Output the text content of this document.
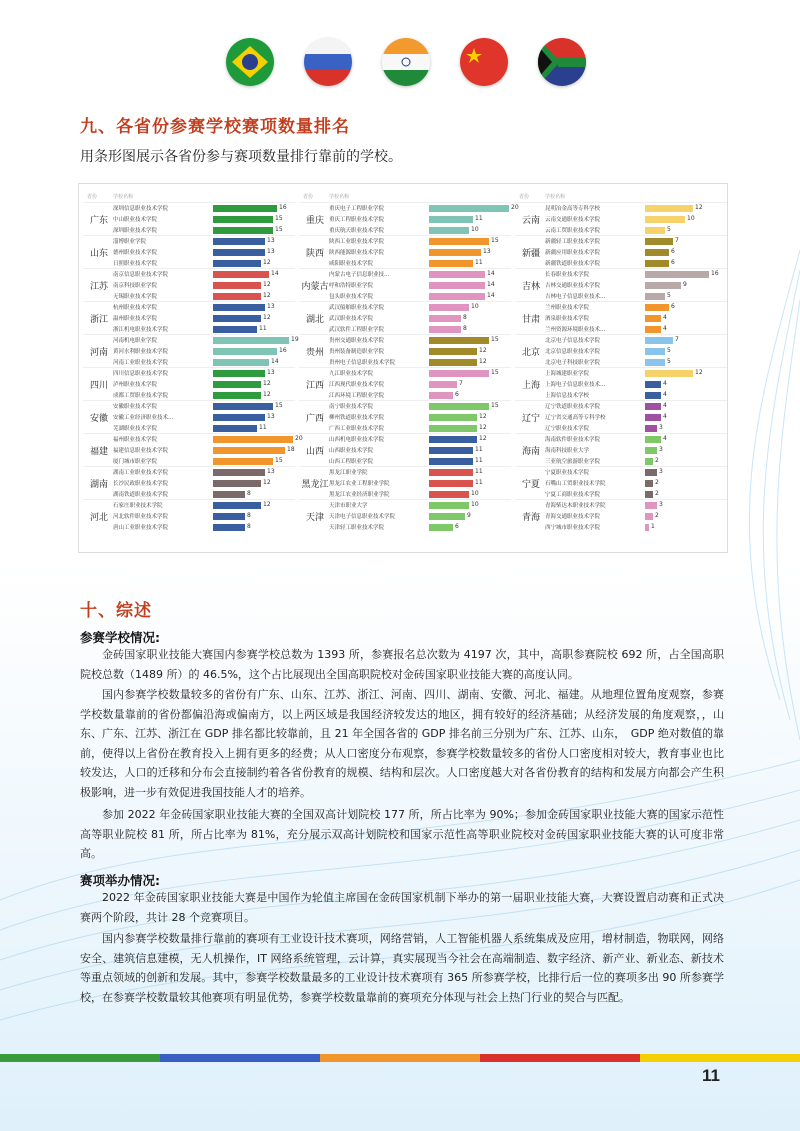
九、各省份参赛学校赛项数量排名
用条形图展示各省份参与赛项数量排行靠前的学校。
省份	学校名称
广东
深圳信息职业技术学院	16
中山职业技术学院	15
深圳职业技术学院	15
山东
淄博职业学院	13
德州职业技术学院	13
日照职业技术学院	12
江苏
南京信息职业技术学院	14
南京科技职业学院	12
无锡职业技术学院	12
浙江
杭州职业技术学院	13
温州职业技术学院	12
浙江机电职业技术学院	11
河南
河南机电职业学院	19
黄河水利职业技术学院	16
河南工业职业技术学院	14
四川
四川信息职业技术学院	13
泸州职业技术学院	12
成都工贸职业技术学院	12
安徽
安徽职业技术学院	15
安徽工业经济职业技术...	13
芜湖职业技术学院	11
福建
福州职业技术学院	20
福建信息职业技术学院	18
厦门城市职业学院	15
湖南
湖南工业职业技术学院	13
长沙民政职业技术学院	12
湖南铁道职业技术学院	8
河北
石家庄职业技术学院	12
河北软件职业技术学院	8
唐山工业职业技术学院	8
省份	学校名称
重庆
重庆电子工程职业学院	20
重庆工程职业技术学院	11
重庆航天职业技术学院	10
陕西
陕西工业职业技术学院	15
陕西能源职业技术学院	13
咸阳职业技术学院	11
内蒙古
内蒙古电子信息职业技...	14
呼和浩特职业学院	14
包头职业技术学院	14
湖北
武汉船舶职业技术学院	10
武汉职业技术学院	8
武汉软件工程职业学院	8
贵州
贵州交通职业技术学院	15
贵州装备制造职业学院	12
贵州电子信息职业技术学院	12
江西
九江职业技术学院	15
江西现代职业技术学院	7
江西环境工程职业学院	6
广西
南宁职业技术学院	15
柳州铁道职业技术学院	12
广西工业职业技术学院	12
山西
山西机电职业技术学院	12
山西职业技术学院	11
山西工程职业学院	11
黑龙江
黑龙江职业学院	11
黑龙江农业工程职业学院	11
黑龙江农业经济职业学院	10
天津
天津市职业大学	10
天津电子信息职业技术学院	9
天津轻工职业技术学院	6
省份	学校名称
云南
昆明冶金高等专科学校	12
云南交通职业技术学院	10
云南工贸职业技术学院	5
新疆
新疆轻工职业技术学院	7
新疆应用职业技术学院	6
新疆铁道职业技术学院	6
吉林
长春职业技术学院	16
吉林交通职业技术学院	9
吉林电子信息职业技术...	5
甘肃
兰州职业技术学院	6
酒泉职业技术学院	4
兰州资源环境职业技术...	4
北京
北京电子信息技术学院	7
北京信息职业技术学院	5
北京电子科技职业学院	5
上海
上海城建职业学院	12
上海电子信息职业技术...	4
上海信息技术学校	4
辽宁
辽宁铁道职业技术学院	4
辽宁省交通高等专科学校	4
辽宁职业技术学院	3
海南
海南软件职业技术学院	4
海南科技职业大学	3
三亚航空旅游职业学院	2
宁夏
宁夏职业技术学院	3
石嘴山工贸职业技术学院	2
宁夏工商职业技术学院	2
青海
青海柴达木职业技术学院	3
青海交通职业技术学院	2
西宁城市职业技术学院	1
十、综述
参赛学校情况:
金砖国家职业技能大赛国内参赛学校总数为 1393 所，参赛报名总次数为 4197 次，其中，高职参赛院校 692 所，占全国高职院校总数（1489 所）的 46.5%，这个占比展现出全国高职院校对金砖国家职业技能大赛的高度认同。
国内参赛学校数量较多的省份有广东、山东、江苏、浙江、河南、四川、湖南、安徽、河北、福建。从地理位置角度观察，参赛学校数量靠前的省份都偏沿海或偏南方，以上两区域是我国经济较发达的地区，拥有较好的经济基础；从经济发展的角度观察，，山东、广东、江苏、浙江在 GDP 排名都比较靠前，且 21 年全国各省的 GDP 排名前三分别为广东、江苏、山东，　GDP 绝对数值的靠前，使得以上省份在教育投入上拥有更多的经费；从人口密度分布观察，参赛学校数量较多的省份人口密度相对较大，教育事业也比较发达，人口的迁移和分布会直接制约着各省份教育的规模、结构和层次。人口密度越大对各省份教育的结构和发展方向都会产生积极影响，进一步有效促进我国技能人才的培养。
参加 2022 年金砖国家职业技能大赛的全国双高计划院校 177 所，所占比率为 90%；参加金砖国家职业技能大赛的国家示范性高等职业院校 81 所，所占比率为 81%，充分展示双高计划院校和国家示范性高等职业院校对金砖国家职业技能大赛的认可度非常高。
赛项举办情况:
2022 年金砖国家职业技能大赛是中国作为轮值主席国在金砖国家机制下举办的第一届职业技能大赛，大赛设置启动赛和正式决赛两个阶段，共计 28 个竞赛项目。
国内参赛学校数量排行靠前的赛项有工业设计技术赛项，网络营销，人工智能机器人系统集成及应用，增材制造，物联网，网络安全、建筑信息建模，无人机操作，IT 网络系统管理，云计算，真实展现当今社会在高端制造、数字经济、新产业、新业态、新技术等重点领域的创新和发展。其中，参赛学校数量最多的工业设计技术赛项有 365 所参赛学校，比排行后一位的赛项多出 90 所参赛学校，在参赛学校数量较其他赛项有明显优势，参赛学校数量靠前的赛项充分体现与社会上热门行业的契合与匹配。
11
